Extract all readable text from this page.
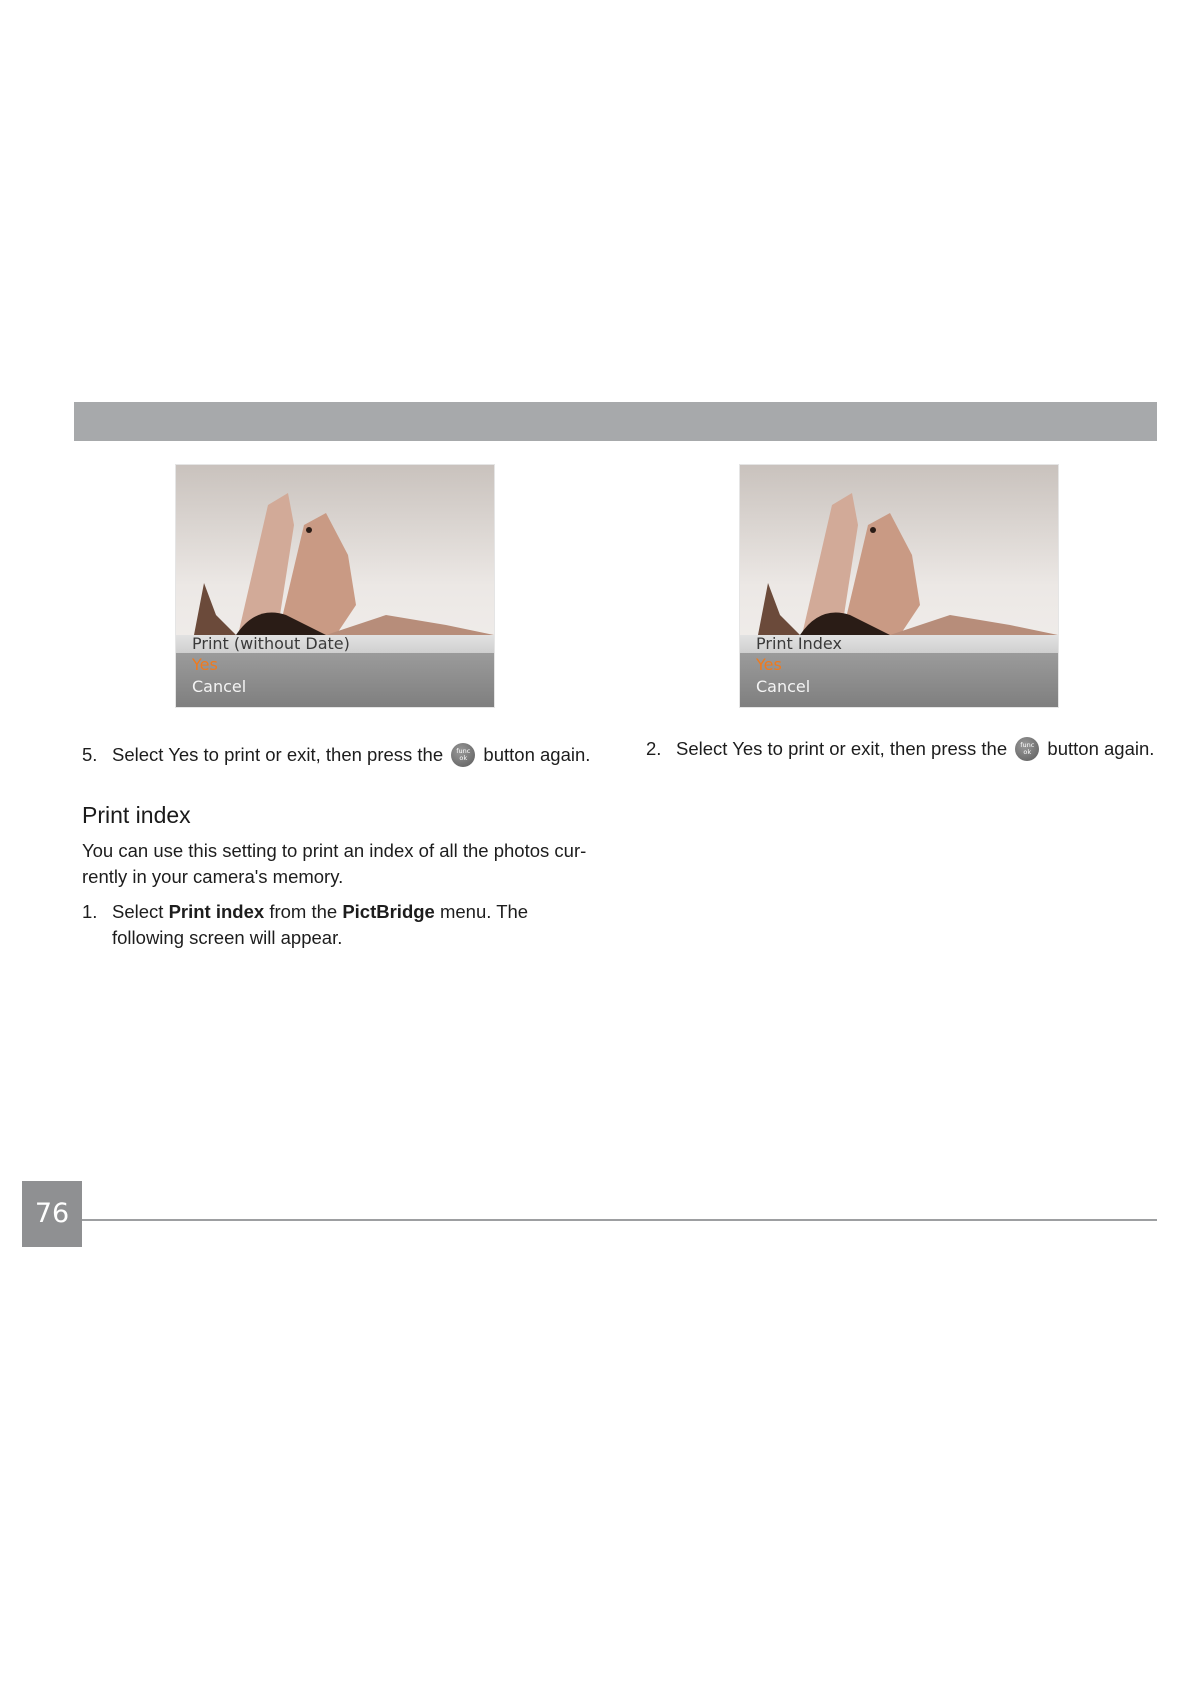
Print (without Date)
Yes
Cancel
Print Index
Yes
Cancel
5. Select Yes to print or exit, then press the	func
ok button again.
Print index
You can use this setting to print an index of all the photos cur-
rently in your camera's memory.
1. Select Print index from the PictBridge menu. The
following screen will appear.
2. Select Yes to print or exit, then press the	func
ok button again.
76
